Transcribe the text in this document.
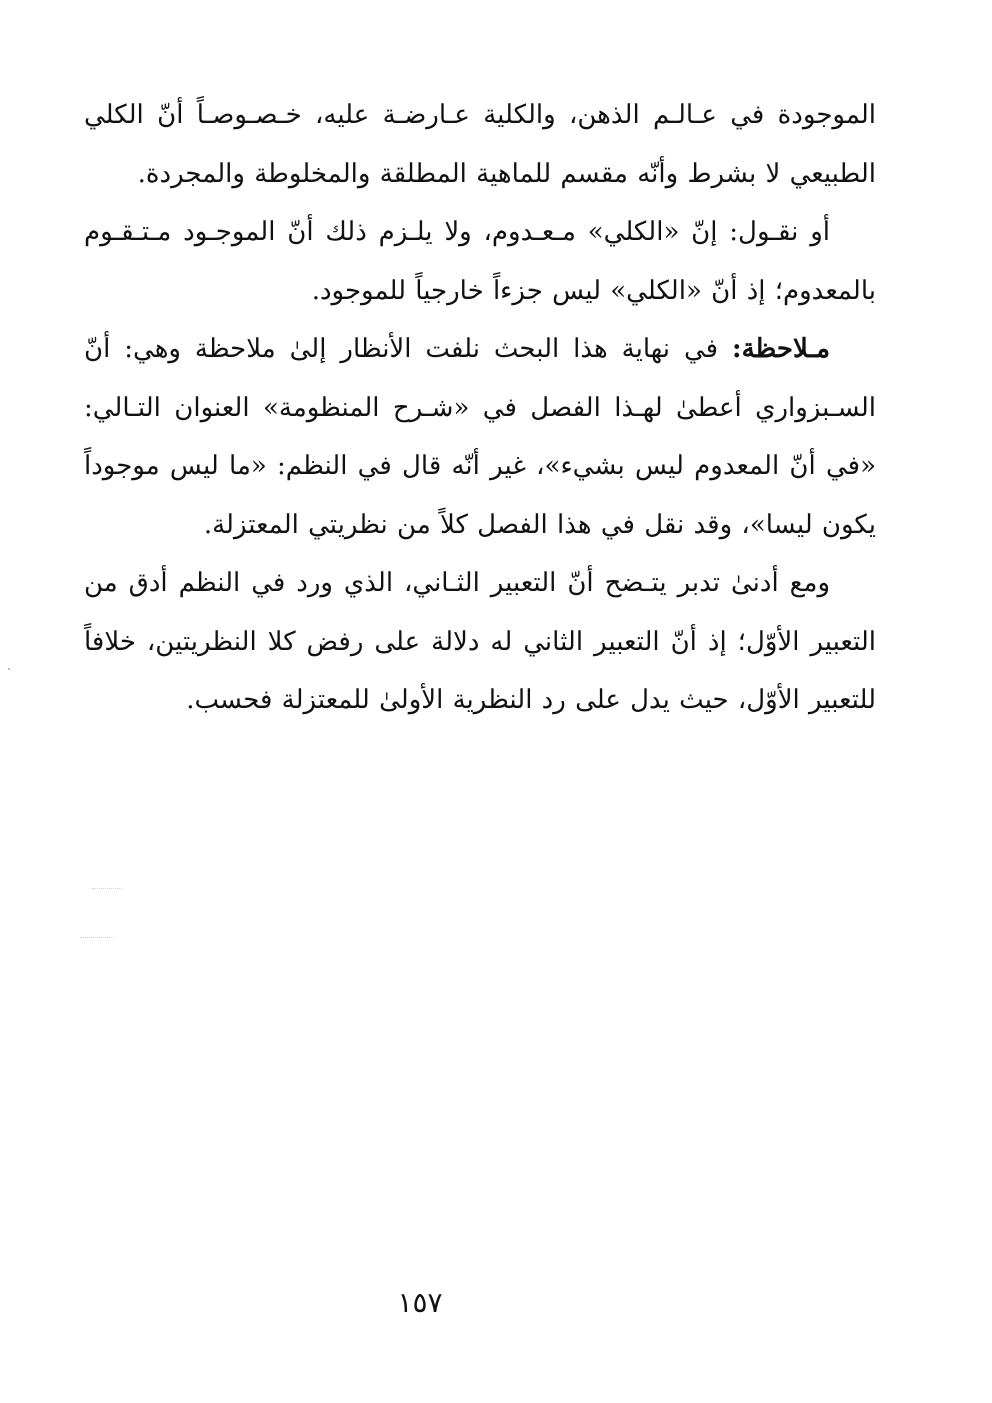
الموجودة في عـالـم الذهن، والكلية عـارضـة عليه، خـصـوصـاً أنّ الكلي الطبيعي لا بشرط وأنّه مقسم للماهية المطلقة والمخلوطة والمجردة.

أو نقـول: إنّ «الكلي» مـعـدوم، ولا يلـزم ذلك أنّ الموجـود مـتـقـوم بالمعدوم؛ إذ أنّ «الكلي» ليس جزءاً خارجياً للموجود.

مـلاحظة: في نهاية هذا البحث نلفت الأنظار إلىٰ ملاحظة وهي: أنّ السـبزواري أعطىٰ لهـذا الفصل في «شـرح المنظومة» العنوان التـالي: «في أنّ المعدوم ليس بشيء»، غير أنّه قال في النظم: «ما ليس موجوداً يكون ليسا»، وقد نقل في هذا الفصل كلاً من نظريتي المعتزلة.

ومع أدنىٰ تدبر يتـضح أنّ التعبير الثـاني، الذي ورد في النظم أدق من التعبير الأوّل؛ إذ أنّ التعبير الثاني له دلالة على رفض كلا النظريتين، خلافاً للتعبير الأوّل، حيث يدل على رد النظرية الأولىٰ للمعتزلة فحسب.

١٥٧
